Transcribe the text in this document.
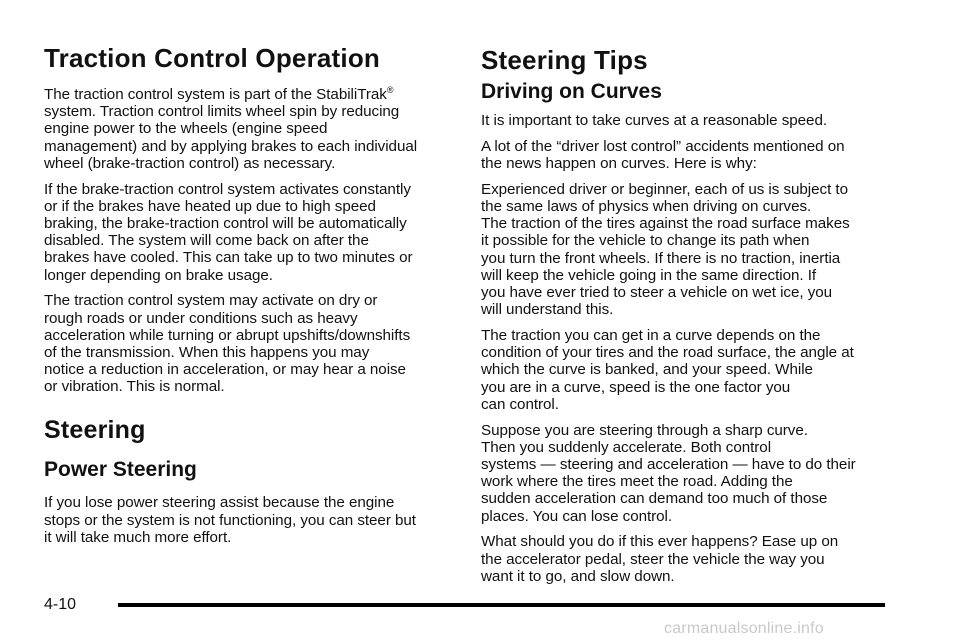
Traction Control Operation

The traction control system is part of the StabiliTrak®
system. Traction control limits wheel spin by reducing
engine power to the wheels (engine speed
management) and by applying brakes to each individual
wheel (brake-traction control) as necessary.

If the brake-traction control system activates constantly
or if the brakes have heated up due to high speed
braking, the brake-traction control will be automatically
disabled. The system will come back on after the
brakes have cooled. This can take up to two minutes or
longer depending on brake usage.

The traction control system may activate on dry or
rough roads or under conditions such as heavy
acceleration while turning or abrupt upshifts/downshifts
of the transmission. When this happens you may
notice a reduction in acceleration, or may hear a noise
or vibration. This is normal.

Steering
Power Steering

If you lose power steering assist because the engine
stops or the system is not functioning, you can steer but
it will take much more effort.

Steering Tips
Driving on Curves

It is important to take curves at a reasonable speed.

A lot of the “driver lost control” accidents mentioned on
the news happen on curves. Here is why:

Experienced driver or beginner, each of us is subject to
the same laws of physics when driving on curves.
The traction of the tires against the road surface makes
it possible for the vehicle to change its path when
you turn the front wheels. If there is no traction, inertia
will keep the vehicle going in the same direction. If
you have ever tried to steer a vehicle on wet ice, you
will understand this.

The traction you can get in a curve depends on the
condition of your tires and the road surface, the angle at
which the curve is banked, and your speed. While
you are in a curve, speed is the one factor you
can control.

Suppose you are steering through a sharp curve.
Then you suddenly accelerate. Both control
systems — steering and acceleration — have to do their
work where the tires meet the road. Adding the
sudden acceleration can demand too much of those
places. You can lose control.

What should you do if this ever happens? Ease up on
the accelerator pedal, steer the vehicle the way you
want it to go, and slow down.

4-10
carmanualsonline.info
